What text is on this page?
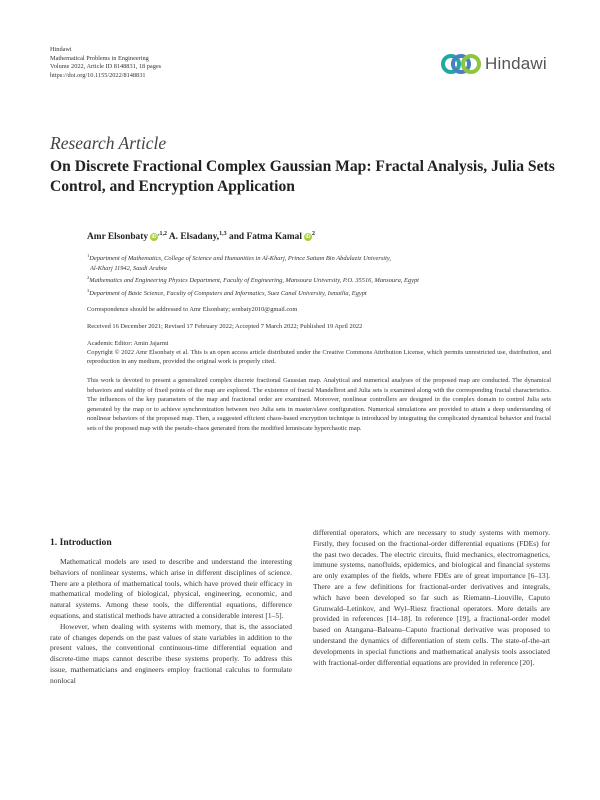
Hindawi
Mathematical Problems in Engineering
Volume 2022, Article ID 8148831, 18 pages
https://doi.org/10.1155/2022/8148831
Hindawi
Research Article
On Discrete Fractional Complex Gaussian Map: Fractal Analysis, Julia Sets Control, and Encryption Application
Amr Elsonbaty $iD^{,1,2}$ A. Elsadany,$^{1,3}$ and Fatma Kamal $iD^2$

$^1$Department of Mathematics, College of Science and Humanities in Al-Kharj, Prince Sattam Bin Abdulaziz University,

Al-Kharj 11942, Saudi Arabia

$^2$Mathematics and Engineering Physics Department, Faculty of Engineering, Mansoura University, P.O. 35516, Mansoura, Egypt

$^3$Department of Basic Science, Faculty of Computers and Informatics, Suez Canal University, Ismailia, Egypt

Correspondence should be addressed to Amr Elsonbaty; sonbaty2010@gmail.com
Received 16 December 2021; Revised 17 February 2022; Accepted 7 March 2022; Published 19 April 2022
Academic Editor: Amin Jajarmi

Copyright © 2022 Amr Elsonbaty et al. This is an open access article distributed under the Creative Commons Attribution License, which permits unrestricted use, distribution, and reproduction in any medium, provided the original work is properly cited.

This work is devoted to present a generalized complex discrete fractional Gaussian map. Analytical and numerical analyses of the proposed map are conducted. The dynamical behaviors and stability of fixed points of the map are explored. The existence of fractal Mandelbrot and Julia sets is examined along with the corresponding fractal characteristics. The influences of the key parameters of the map and fractional order are examined. Moreover, nonlinear controllers are designed in the complex domain to control Julia sets generated by the map or to achieve synchronization between two Julia sets in master/slave configuration. Numerical simulations are provided to attain a deep understanding of nonlinear behaviors of the proposed map. Then, a suggested efficient chaos-based encryption technique is introduced by integrating the complicated dynamical behavior and fractal sets of the proposed map with the pseudo-chaos generated from the modified lemniscate hyperchaotic map.

1. Introduction

Mathematical models are used to describe and understand the interesting behaviors of nonlinear systems, which arise in different disciplines of science. There are a plethora of mathematical tools, which have proved their efficacy in mathematical modeling of biological, physical, engineering, economic, and natural systems. Among these tools, the differential equations, difference equations, and statistical methods have attracted a considerable interest [1–5].

However, when dealing with systems with memory, that is, the associated rate of changes depends on the past values of state variables in addition to the present values, the conventional continuous-time differential equation and discrete-time maps cannot describe these systems properly. To address this issue, mathematicians and engineers employ fractional calculus to formulate nonlocal

differential operators, which are necessary to study systems with memory. Firstly, they focused on the fractional-order differential equations (FDEs) for the past two decades. The electric circuits, fluid mechanics, electromagnetics, immune systems, nanofluids, epidemics, and biological and financial systems are only examples of the fields, where FDEs are of great importance [6–13]. There are a few definitions for fractional-order derivatives and integrals, which have been developed so far such as Riemann–Liouville, Caputo Grunwald–Letinkov, and Wyl–Riesz fractional operators. More details are provided in references [14–18]. In reference [19], a fractional-order model based on Atangana–Baleanu–Caputo fractional derivative was proposed to understand the dynamics of differentiation of stem cells. The state-of-the-art developments in special functions and mathematical analysis tools associated with fractional-order differential equations are provided in reference [20].
